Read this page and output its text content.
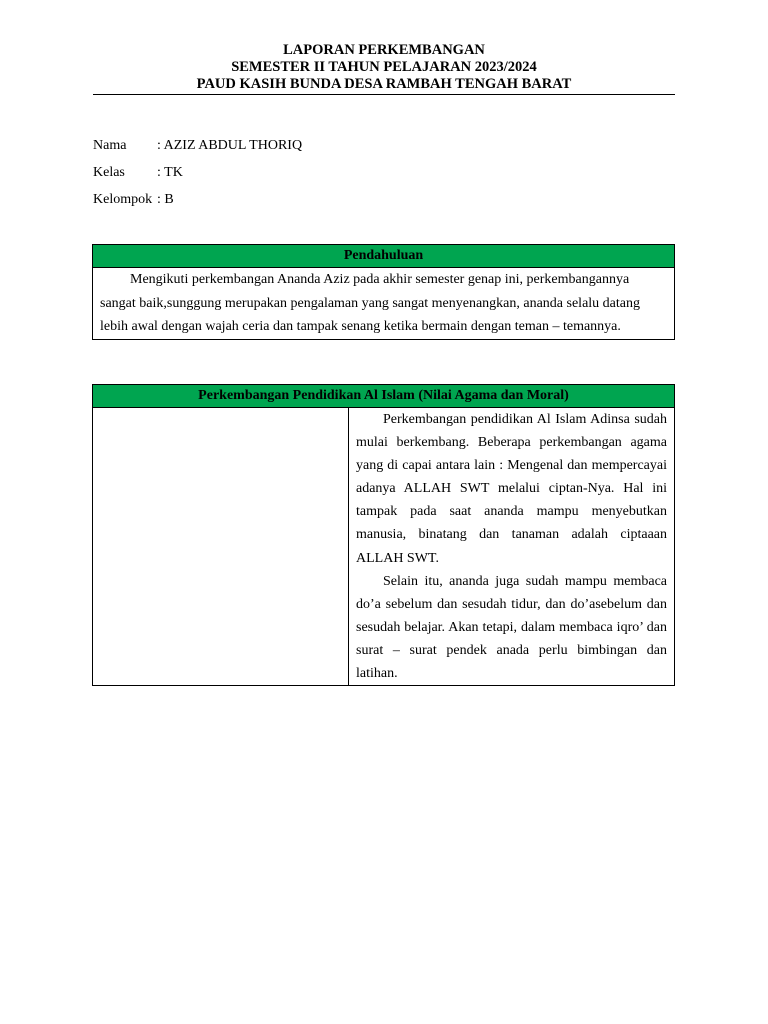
LAPORAN PERKEMBANGAN
SEMESTER II TAHUN PELAJARAN 2023/2024
PAUD KASIH BUNDA DESA RAMBAH TENGAH BARAT
Nama : AZIZ ABDUL THORIQ
Kelas : TK
Kelompok : B
Pendahuluan
Mengikuti perkembangan Ananda Aziz pada akhir semester genap ini, perkembangannya sangat baik,sunggung merupakan pengalaman yang sangat menyenangkan, ananda selalu datang lebih awal dengan wajah ceria dan tampak senang ketika bermain dengan teman – temannya.
Perkembangan Pendidikan Al Islam (Nilai Agama dan Moral)

Perkembangan pendidikan Al Islam Adinsa sudah mulai berkembang. Beberapa perkembangan agama yang di capai antara lain : Mengenal dan mempercayai adanya ALLAH SWT melalui ciptan-Nya. Hal ini tampak pada saat ananda mampu menyebutkan manusia, binatang dan tanaman adalah ciptaaan ALLAH SWT.

Selain itu, ananda juga sudah mampu membaca do’a sebelum dan sesudah tidur, dan do’asebelum dan sesudah belajar. Akan tetapi, dalam membaca iqro’ dan surat – surat pendek anada perlu bimbingan dan latihan.
